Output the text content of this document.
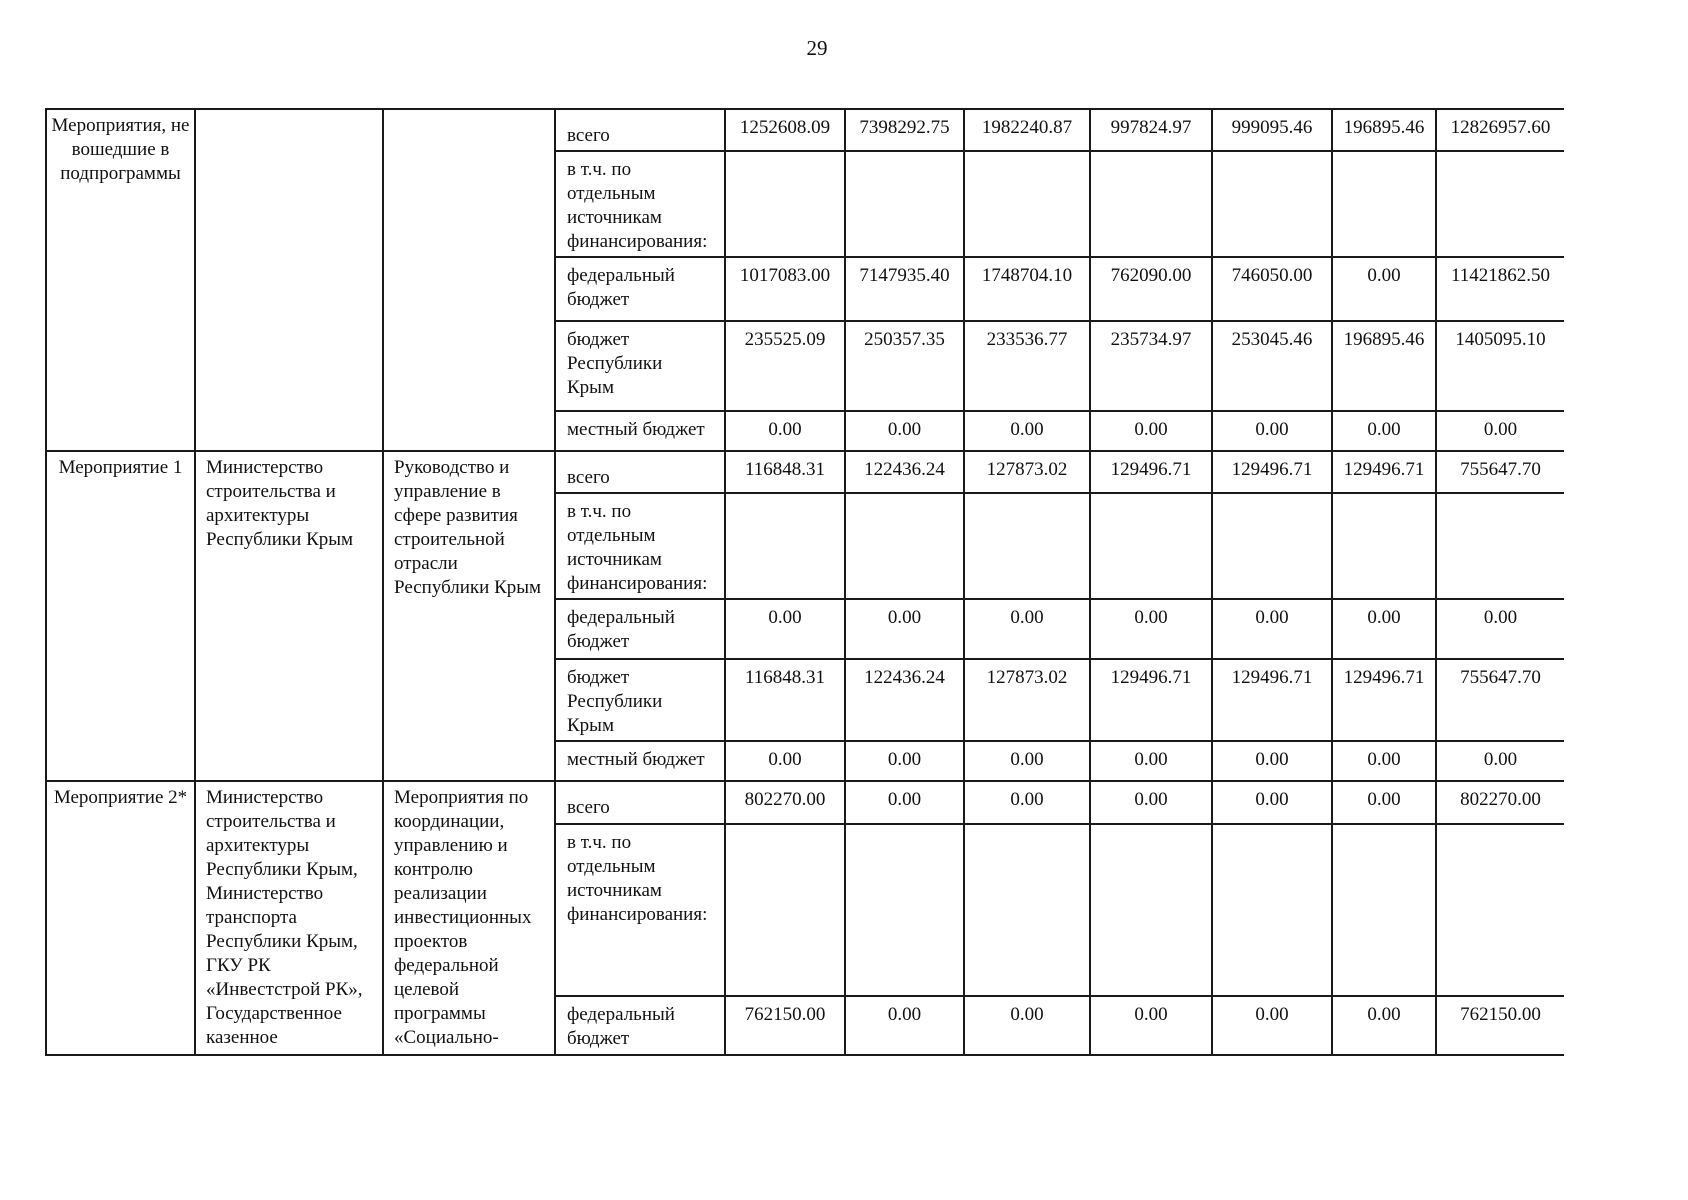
29
Мероприятия, не вошедшие в подпрограммы			всего	1252608.09	7398292.75	1982240.87	997824.97	999095.46	196895.46	12826957.60

			в т.ч. по отдельным источникам финансирования:							

			федеральный бюджет	1017083.00	7147935.40	1748704.10	762090.00	746050.00	0.00	11421862.50

			бюджет Республики Крым	235525.09	250357.35	233536.77	235734.97	253045.46	196895.46	1405095.10

			местный бюджет	0.00	0.00	0.00	0.00	0.00	0.00	0.00
Мероприятие 1	Министерство строительства и архитектуры Республики Крым	Руководство и управление в сфере развития строительной отрасли Республики Крым	всего	116848.31	122436.24	127873.02	129496.71	129496.71	129496.71	755647.70

			в т.ч. по отдельным источникам финансирования:							

			федеральный бюджет	0.00	0.00	0.00	0.00	0.00	0.00	0.00

			бюджет Республики Крым	116848.31	122436.24	127873.02	129496.71	129496.71	129496.71	755647.70

			местный бюджет	0.00	0.00	0.00	0.00	0.00	0.00	0.00
Мероприятие 2*	Министерство строительства и архитектуры Республики Крым, Министерство транспорта Республики Крым, ГКУ РК «Инвестстрой РК», Государственное казенное	Мероприятия по координации, управлению и контролю реализации инвестиционных проектов федеральной целевой программы «Социально-	всего	802270.00	0.00	0.00	0.00	0.00	0.00	802270.00

			в т.ч. по отдельным источникам финансирования:							

			федеральный бюджет	762150.00	0.00	0.00	0.00	0.00	0.00	762150.00
